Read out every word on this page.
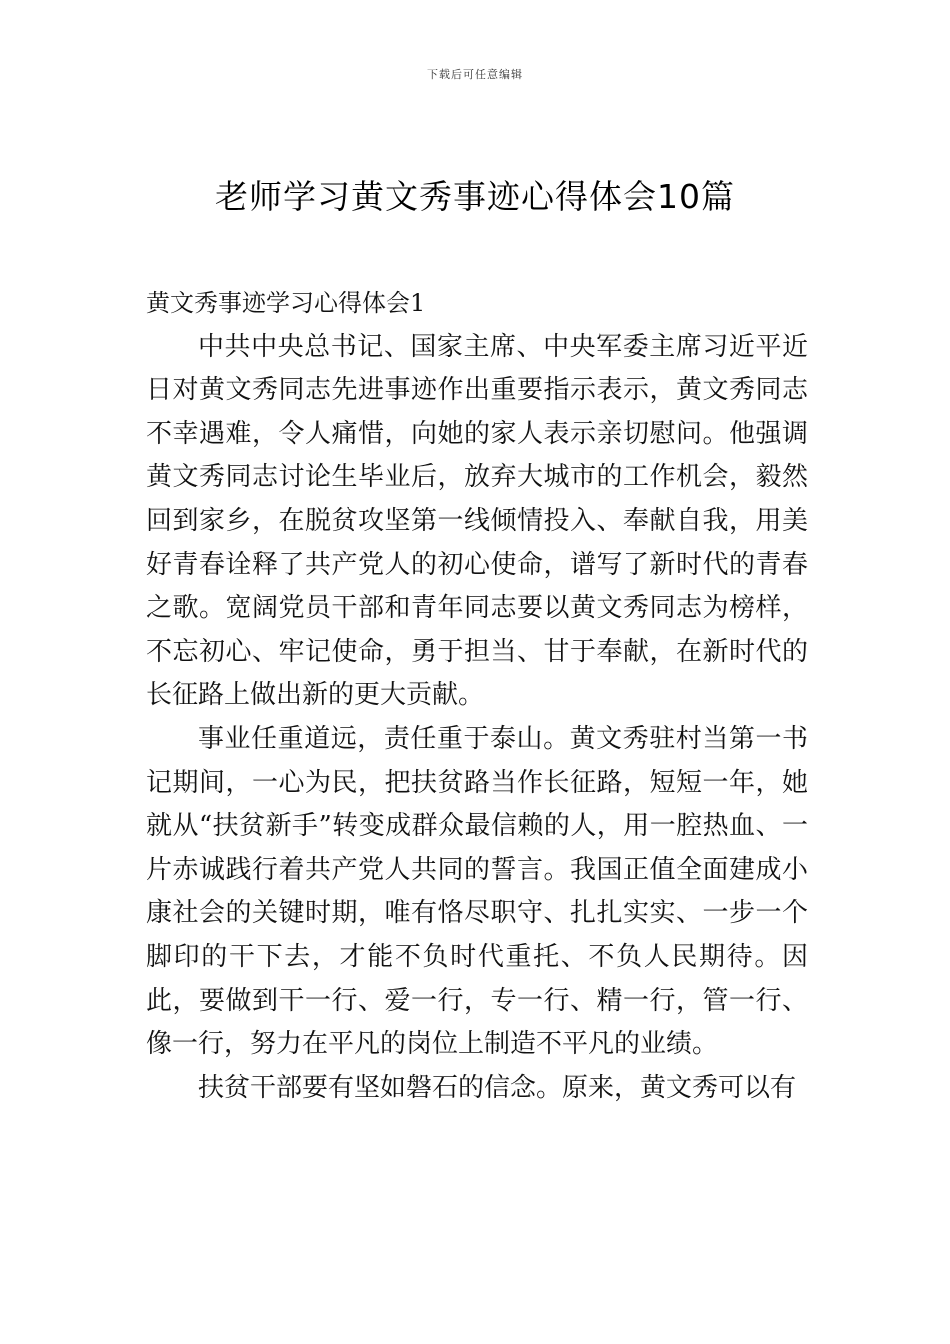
下载后可任意编辑
老师学习黄文秀事迹心得体会10篇
黄文秀事迹学习心得体会1

中共中央总书记、国家主席、中央军委主席习近平近日对黄文秀同志先进事迹作出重要指示表示，黄文秀同志不幸遇难，令人痛惜，向她的家人表示亲切慰问。他强调黄文秀同志讨论生毕业后，放弃大城市的工作机会，毅然回到家乡，在脱贫攻坚第一线倾情投入、奉献自我，用美好青春诠释了共产党人的初心使命，谱写了新时代的青春之歌。宽阔党员干部和青年同志要以黄文秀同志为榜样，不忘初心、牢记使命，勇于担当、甘于奉献，在新时代的长征路上做出新的更大贡献。

事业任重道远，责任重于泰山。黄文秀驻村当第一书记期间，一心为民，把扶贫路当作长征路，短短一年，她就从“扶贫新手”转变成群众最信赖的人，用一腔热血、一片赤诚践行着共产党人共同的誓言。我国正值全面建成小康社会的关键时期，唯有恪尽职守、扎扎实实、一步一个脚印的干下去，才能不负时代重托、不负人民期待。因此，要做到干一行、爱一行，专一行、精一行，管一行、像一行，努力在平凡的岗位上制造不平凡的业绩。

扶贫干部要有坚如磐石的信念。原来，黄文秀可以有
